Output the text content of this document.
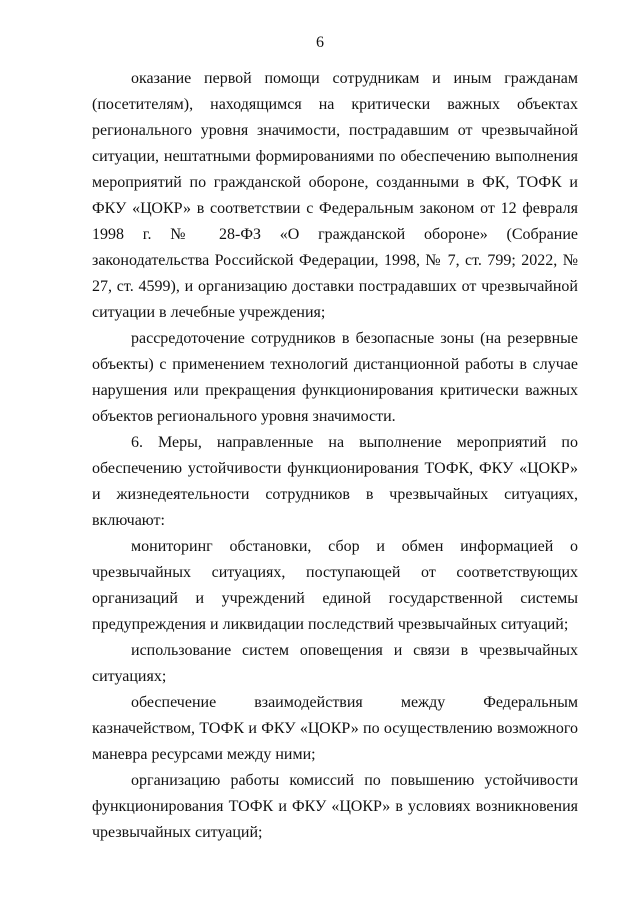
6

оказание первой помощи сотрудникам и иным гражданам (посетителям), находящимся на критически важных объектах регионального уровня значимости, пострадавшим от чрезвычайной ситуации, нештатными формированиями по обеспечению выполнения мероприятий по гражданской обороне, созданными в ФК, ТОФК и ФКУ «ЦОКР» в соответствии с Федеральным законом от 12 февраля 1998 г. № 28-ФЗ «О гражданской обороне» (Собрание законодательства Российской Федерации, 1998, № 7, ст. 799; 2022, № 27, ст. 4599), и организацию доставки пострадавших от чрезвычайной ситуации в лечебные учреждения;

рассредоточение сотрудников в безопасные зоны (на резервные объекты) с применением технологий дистанционной работы в случае нарушения или прекращения функционирования критически важных объектов регионального уровня значимости.

6. Меры, направленные на выполнение мероприятий по обеспечению устойчивости функционирования ТОФК, ФКУ «ЦОКР» и жизнедеятельности сотрудников в чрезвычайных ситуациях, включают:

мониторинг обстановки, сбор и обмен информацией о чрезвычайных ситуациях, поступающей от соответствующих организаций и учреждений единой государственной системы предупреждения и ликвидации последствий чрезвычайных ситуаций;

использование систем оповещения и связи в чрезвычайных ситуациях;

обеспечение взаимодействия между Федеральным казначейством, ТОФК и ФКУ «ЦОКР» по осуществлению возможного маневра ресурсами между ними;

организацию работы комиссий по повышению устойчивости функционирования ТОФК и ФКУ «ЦОКР» в условиях возникновения чрезвычайных ситуаций;
